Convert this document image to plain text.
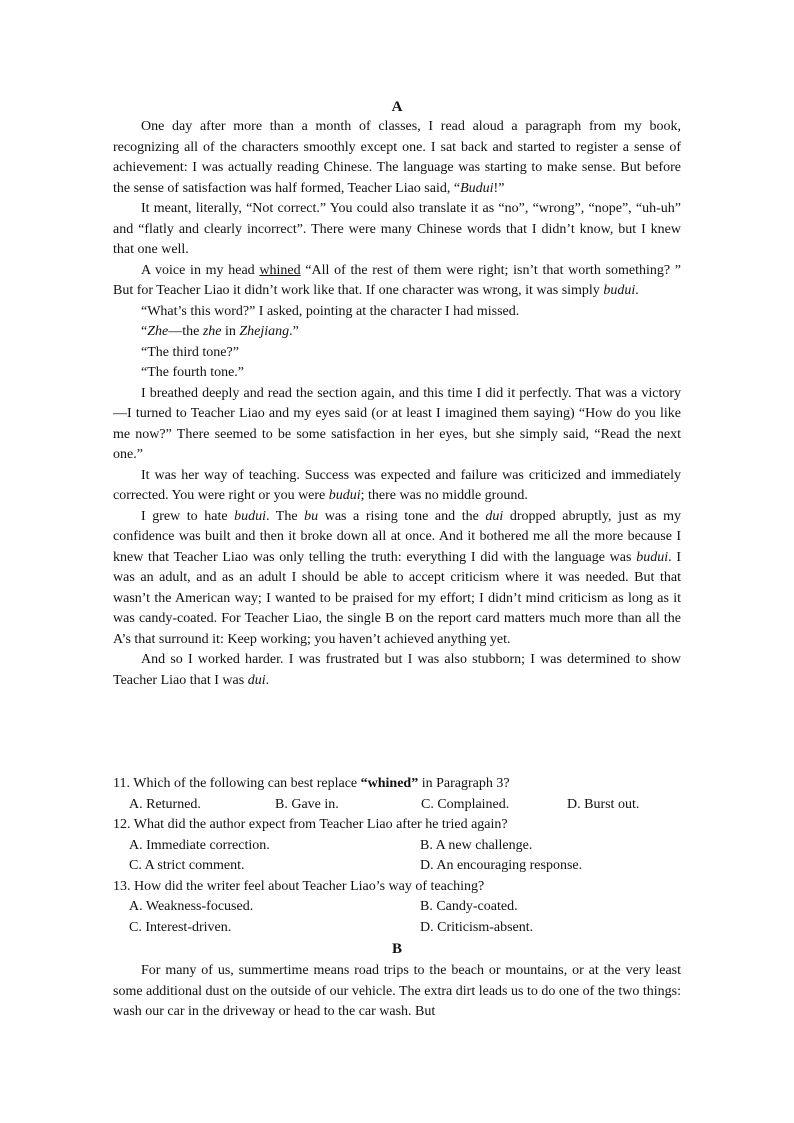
A

One day after more than a month of classes, I read aloud a paragraph from my book, recognizing all of the characters smoothly except one. I sat back and started to register a sense of achievement: I was actually reading Chinese. The language was starting to make sense. But before the sense of satisfaction was half formed, Teacher Liao said, “Budui!”

It meant, literally, “Not correct.” You could also translate it as “no”, “wrong”, “nope”, “uh-uh” and “flatly and clearly incorrect”. There were many Chinese words that I didn’t know, but I knew that one well.

A voice in my head whined “All of the rest of them were right; isn’t that worth something? ” But for Teacher Liao it didn’t work like that. If one character was wrong, it was simply budui.

“What’s this word?” I asked, pointing at the character I had missed.

“Zhe—the zhe in Zhejiang.”

“The third tone?”

“The fourth tone.”

I breathed deeply and read the section again, and this time I did it perfectly. That was a victory —I turned to Teacher Liao and my eyes said (or at least I imagined them saying) “How do you like me now?” There seemed to be some satisfaction in her eyes, but she simply said, “Read the next one.”

It was her way of teaching. Success was expected and failure was criticized and immediately corrected. You were right or you were budui; there was no middle ground.

I grew to hate budui. The bu was a rising tone and the dui dropped abruptly, just as my confidence was built and then it broke down all at once. And it bothered me all the more because I knew that Teacher Liao was only telling the truth: everything I did with the language was budui. I was an adult, and as an adult I should be able to accept criticism where it was needed. But that wasn’t the American way; I wanted to be praised for my effort; I didn’t mind criticism as long as it was candy-coated. For Teacher Liao, the single B on the report card matters much more than all the A’s that surround it: Keep working; you haven’t achieved anything yet.

And so I worked harder. I was frustrated but I was also stubborn; I was determined to show Teacher Liao that I was dui.

11. Which of the following can best replace “whined” in Paragraph 3?

A. Returned.	B. Gave in.	C. Complained.	D. Burst out.

12. What did the author expect from Teacher Liao after he tried again?

A. Immediate correction.	B. A new challenge.
C. A strict comment.	D. An encouraging response.

13. How did the writer feel about Teacher Liao’s way of teaching?

A. Weakness-focused.	B. Candy-coated.
C. Interest-driven.	D. Criticism-absent.
B

For many of us, summertime means road trips to the beach or mountains, or at the very least some additional dust on the outside of our vehicle. The extra dirt leads us to do one of the two things: wash our car in the driveway or head to the car wash. But
